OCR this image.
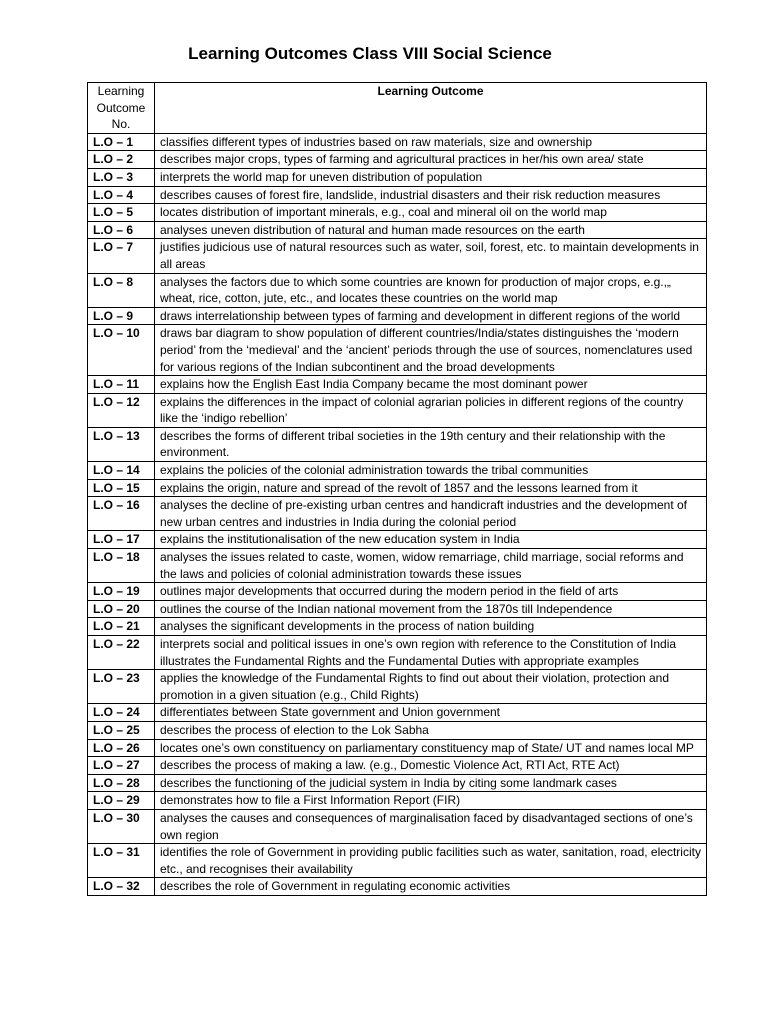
Learning Outcomes Class VIII Social Science
Learning Outcome No.	Learning Outcome
L.O – 1	classifies different types of industries based on raw materials, size and ownership
L.O – 2	describes major crops, types of farming and agricultural practices in her/his own area/ state
L.O – 3	interprets the world map for uneven distribution of population
L.O – 4	describes causes of forest fire, landslide, industrial disasters and their risk reduction measures
L.O – 5	locates distribution of important minerals, e.g., coal and mineral oil on the world map
L.O – 6	analyses uneven distribution of natural and human made resources on the earth
L.O – 7	justifies judicious use of natural resources such as water, soil, forest, etc. to maintain developments in all areas
L.O – 8	analyses the factors due to which some countries are known for production of major crops, e.g.,„ wheat, rice, cotton, jute, etc., and locates these countries on the world map
L.O – 9	draws interrelationship between types of farming and development in different regions of the world
L.O – 10	draws bar diagram to show population of different countries/India/states distinguishes the ‘modern period’ from the ‘medieval’ and the ‘ancient’ periods through the use of sources, nomenclatures used for various regions of the Indian subcontinent and the broad developments
L.O – 11	explains how the English East India Company became the most dominant power
L.O – 12	explains the differences in the impact of colonial agrarian policies in different regions of the country like the ‘indigo rebellion’
L.O – 13	describes the forms of different tribal societies in the 19th century and their relationship with the environment.
L.O – 14	explains the policies of the colonial administration towards the tribal communities
L.O – 15	explains the origin, nature and spread of the revolt of 1857 and the lessons learned from it
L.O – 16	analyses the decline of pre-existing urban centres and handicraft industries and the development of new urban centres and industries in India during the colonial period
L.O – 17	explains the institutionalisation of the new education system in India
L.O – 18	analyses the issues related to caste, women, widow remarriage, child marriage, social reforms and the laws and policies of colonial administration towards these issues
L.O – 19	outlines major developments that occurred during the modern period in the field of arts
L.O – 20	outlines the course of the Indian national movement from the 1870s till Independence
L.O – 21	analyses the significant developments in the process of nation building
L.O – 22	interprets social and political issues in one’s own region with reference to the Constitution of India illustrates the Fundamental Rights and the Fundamental Duties with appropriate examples
L.O – 23	applies the knowledge of the Fundamental Rights to find out about their violation, protection and promotion in a given situation (e.g., Child Rights)
L.O – 24	differentiates between State government and Union government
L.O – 25	describes the process of election to the Lok Sabha
L.O – 26	locates one’s own constituency on parliamentary constituency map of State/ UT and names local MP
L.O – 27	describes the process of making a law. (e.g., Domestic Violence Act, RTI Act, RTE Act)
L.O – 28	describes the functioning of the judicial system in India by citing some landmark cases
L.O – 29	demonstrates how to file a First Information Report (FIR)
L.O – 30	analyses the causes and consequences of marginalisation faced by disadvantaged sections of one’s own region
L.O – 31	identifies the role of Government in providing public facilities such as water, sanitation, road, electricity etc., and recognises their availability
L.O – 32	describes the role of Government in regulating economic activities
